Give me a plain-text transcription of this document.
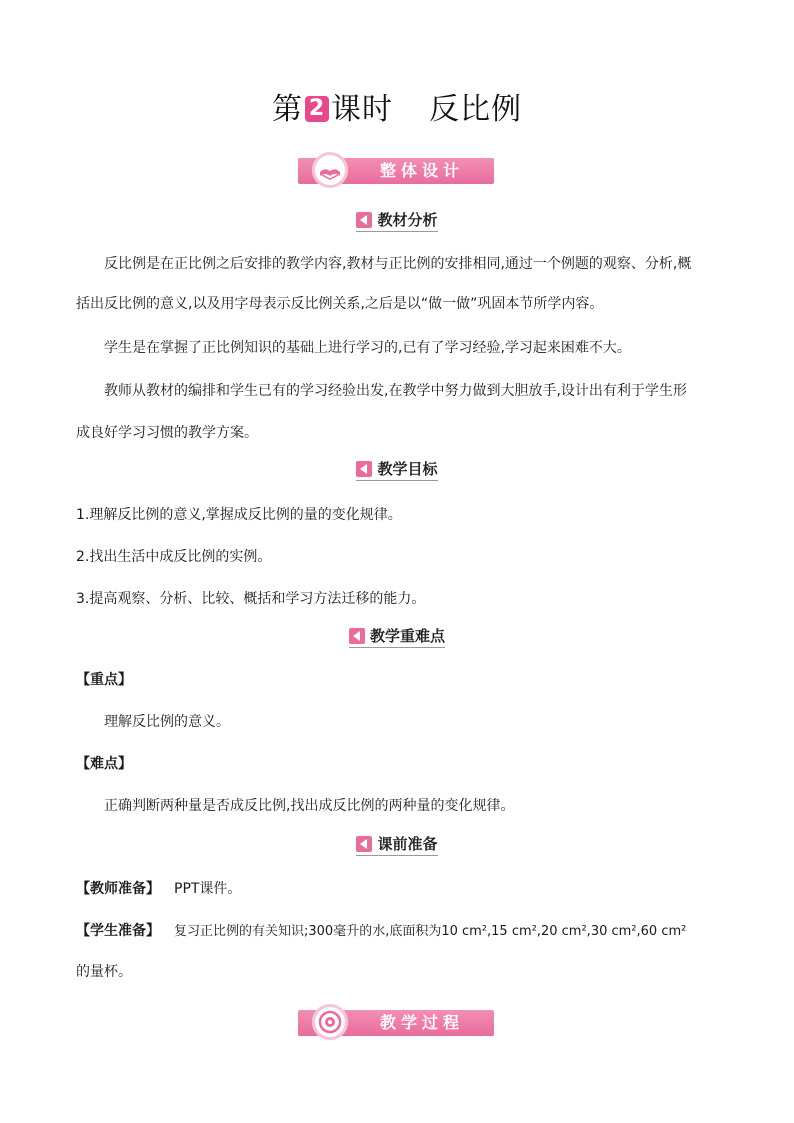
第 2 课时 反比例
整体设计
教材分析
反比例是在正比例之后安排的教学内容,教材与正比例的安排相同,通过一个例题的观察、分析,概
括出反比例的意义,以及用字母表示反比例关系,之后是以“做一做”巩固本节所学内容。
学生是在掌握了正比例知识的基础上进行学习的,已有了学习经验,学习起来困难不大。
教师从教材的编排和学生已有的学习经验出发,在教学中努力做到大胆放手,设计出有利于学生形
成良好学习习惯的教学方案。
教学目标
1.理解反比例的意义,掌握成反比例的量的变化规律。
2.找出生活中成反比例的实例。
3.提高观察、分析、比较、概括和学习方法迁移的能力。
教学重难点
【重点】
理解反比例的意义。
【难点】
正确判断两种量是否成反比例,找出成反比例的两种量的变化规律。
课前准备
【教师准备】 PPT课件。
【学生准备】 复习正比例的有关知识;300毫升的水,底面积为10 cm²,15 cm²,20 cm²,30 cm²,60 cm²
的量杯。
教学过程
